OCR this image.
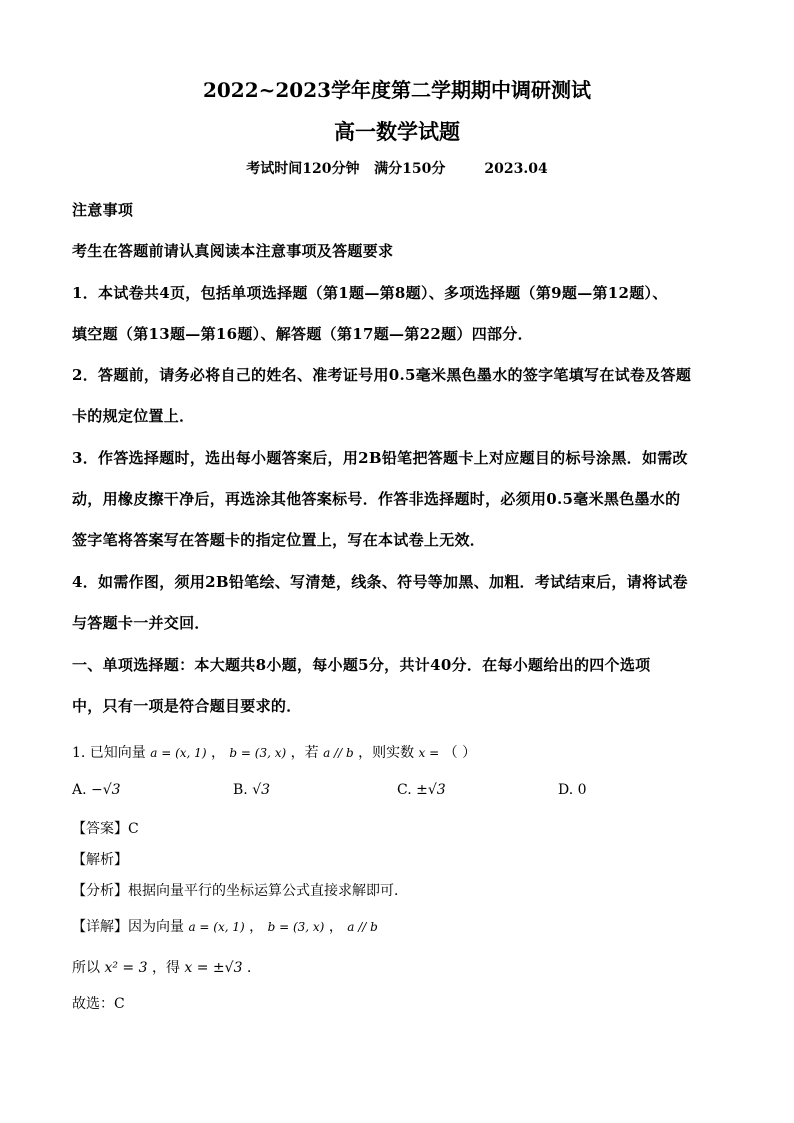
2022~2023学年度第二学期期中调研测试
高一数学试题
考试时间120分钟   满分150分        2023.04
注意事项
考生在答题前请认真阅读本注意事项及答题要求
1．本试卷共4页，包括单项选择题（第1题—第8题）、多项选择题（第9题—第12题）、
填空题（第13题—第16题）、解答题（第17题—第22题）四部分．
2．答题前，请务必将自己的姓名、准考证号用0.5毫米黑色墨水的签字笔填写在试卷及答题
卡的规定位置上．
3．作答选择题时，选出每小题答案后，用2B铅笔把答题卡上对应题目的标号涂黑．如需改
动，用橡皮擦干净后，再选涂其他答案标号．作答非选择题时，必须用0.5毫米黑色墨水的
签字笔将答案写在答题卡的指定位置上，写在本试卷上无效．
4．如需作图，须用2B铅笔绘、写清楚，线条、符号等加黑、加粗．考试结束后，请将试卷
与答题卡一并交回．
一、单项选择题：本大题共8小题，每小题5分，共计40分．在每小题给出的四个选项
中，只有一项是符合题目要求的．
1. 已知向量 a = (x, 1) ， b = (3, x) ，若 a // b ，则实数 x = （ ）
A. −√3	B. √3	C. ±√3	D. 0
【答案】C
【解析】
【分析】根据向量平行的坐标运算公式直接求解即可．
【详解】因为向量 a = (x, 1) ， b = (3, x) ， a // b
所以 x² = 3 ，得 x = ±√3 ．
故选：C
